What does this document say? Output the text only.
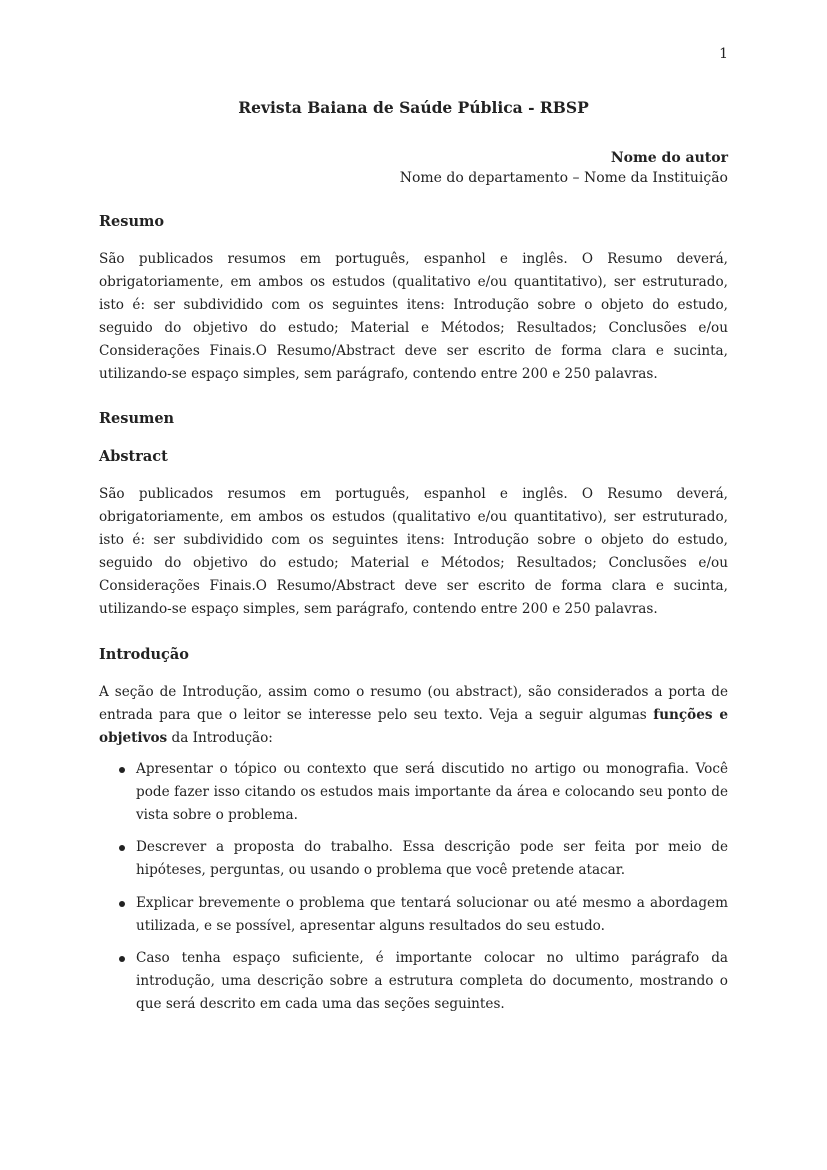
1
Revista Baiana de Saúde Pública - RBSP
Nome do autor
Nome do departamento – Nome da Instituição
Resumo

São publicados resumos em português, espanhol e inglês. O Resumo deverá, obrigatoriamente, em ambos os estudos (qualitativo e/ou quantitativo), ser estruturado, isto é: ser subdividido com os seguintes itens: Introdução sobre o objeto do estudo, seguido do objetivo do estudo; Material e Métodos; Resultados; Conclusões e/ou Considerações Finais.O Resumo/Abstract deve ser escrito de forma clara e sucinta, utilizando-se espaço simples, sem parágrafo, contendo entre 200 e 250 palavras.

Resumen
Abstract

São publicados resumos em português, espanhol e inglês. O Resumo deverá, obrigatoriamente, em ambos os estudos (qualitativo e/ou quantitativo), ser estruturado, isto é: ser subdividido com os seguintes itens: Introdução sobre o objeto do estudo, seguido do objetivo do estudo; Material e Métodos; Resultados; Conclusões e/ou Considerações Finais.O Resumo/Abstract deve ser escrito de forma clara e sucinta, utilizando-se espaço simples, sem parágrafo, contendo entre 200 e 250 palavras.

Introdução

A seção de Introdução, assim como o resumo (ou abstract), são considerados a porta de entrada para que o leitor se interesse pelo seu texto. Veja a seguir algumas funções e objetivos da Introdução:

Apresentar o tópico ou contexto que será discutido no artigo ou monografia. Você pode fazer isso citando os estudos mais importante da área e colocando seu ponto de vista sobre o problema.
Descrever a proposta do trabalho. Essa descrição pode ser feita por meio de hipóteses, perguntas, ou usando o problema que você pretende atacar.
Explicar brevemente o problema que tentará solucionar ou até mesmo a abordagem utilizada, e se possível, apresentar alguns resultados do seu estudo.
Caso tenha espaço suficiente, é importante colocar no ultimo parágrafo da introdução, uma descrição sobre a estrutura completa do documento, mostrando o que será descrito em cada uma das seções seguintes.
